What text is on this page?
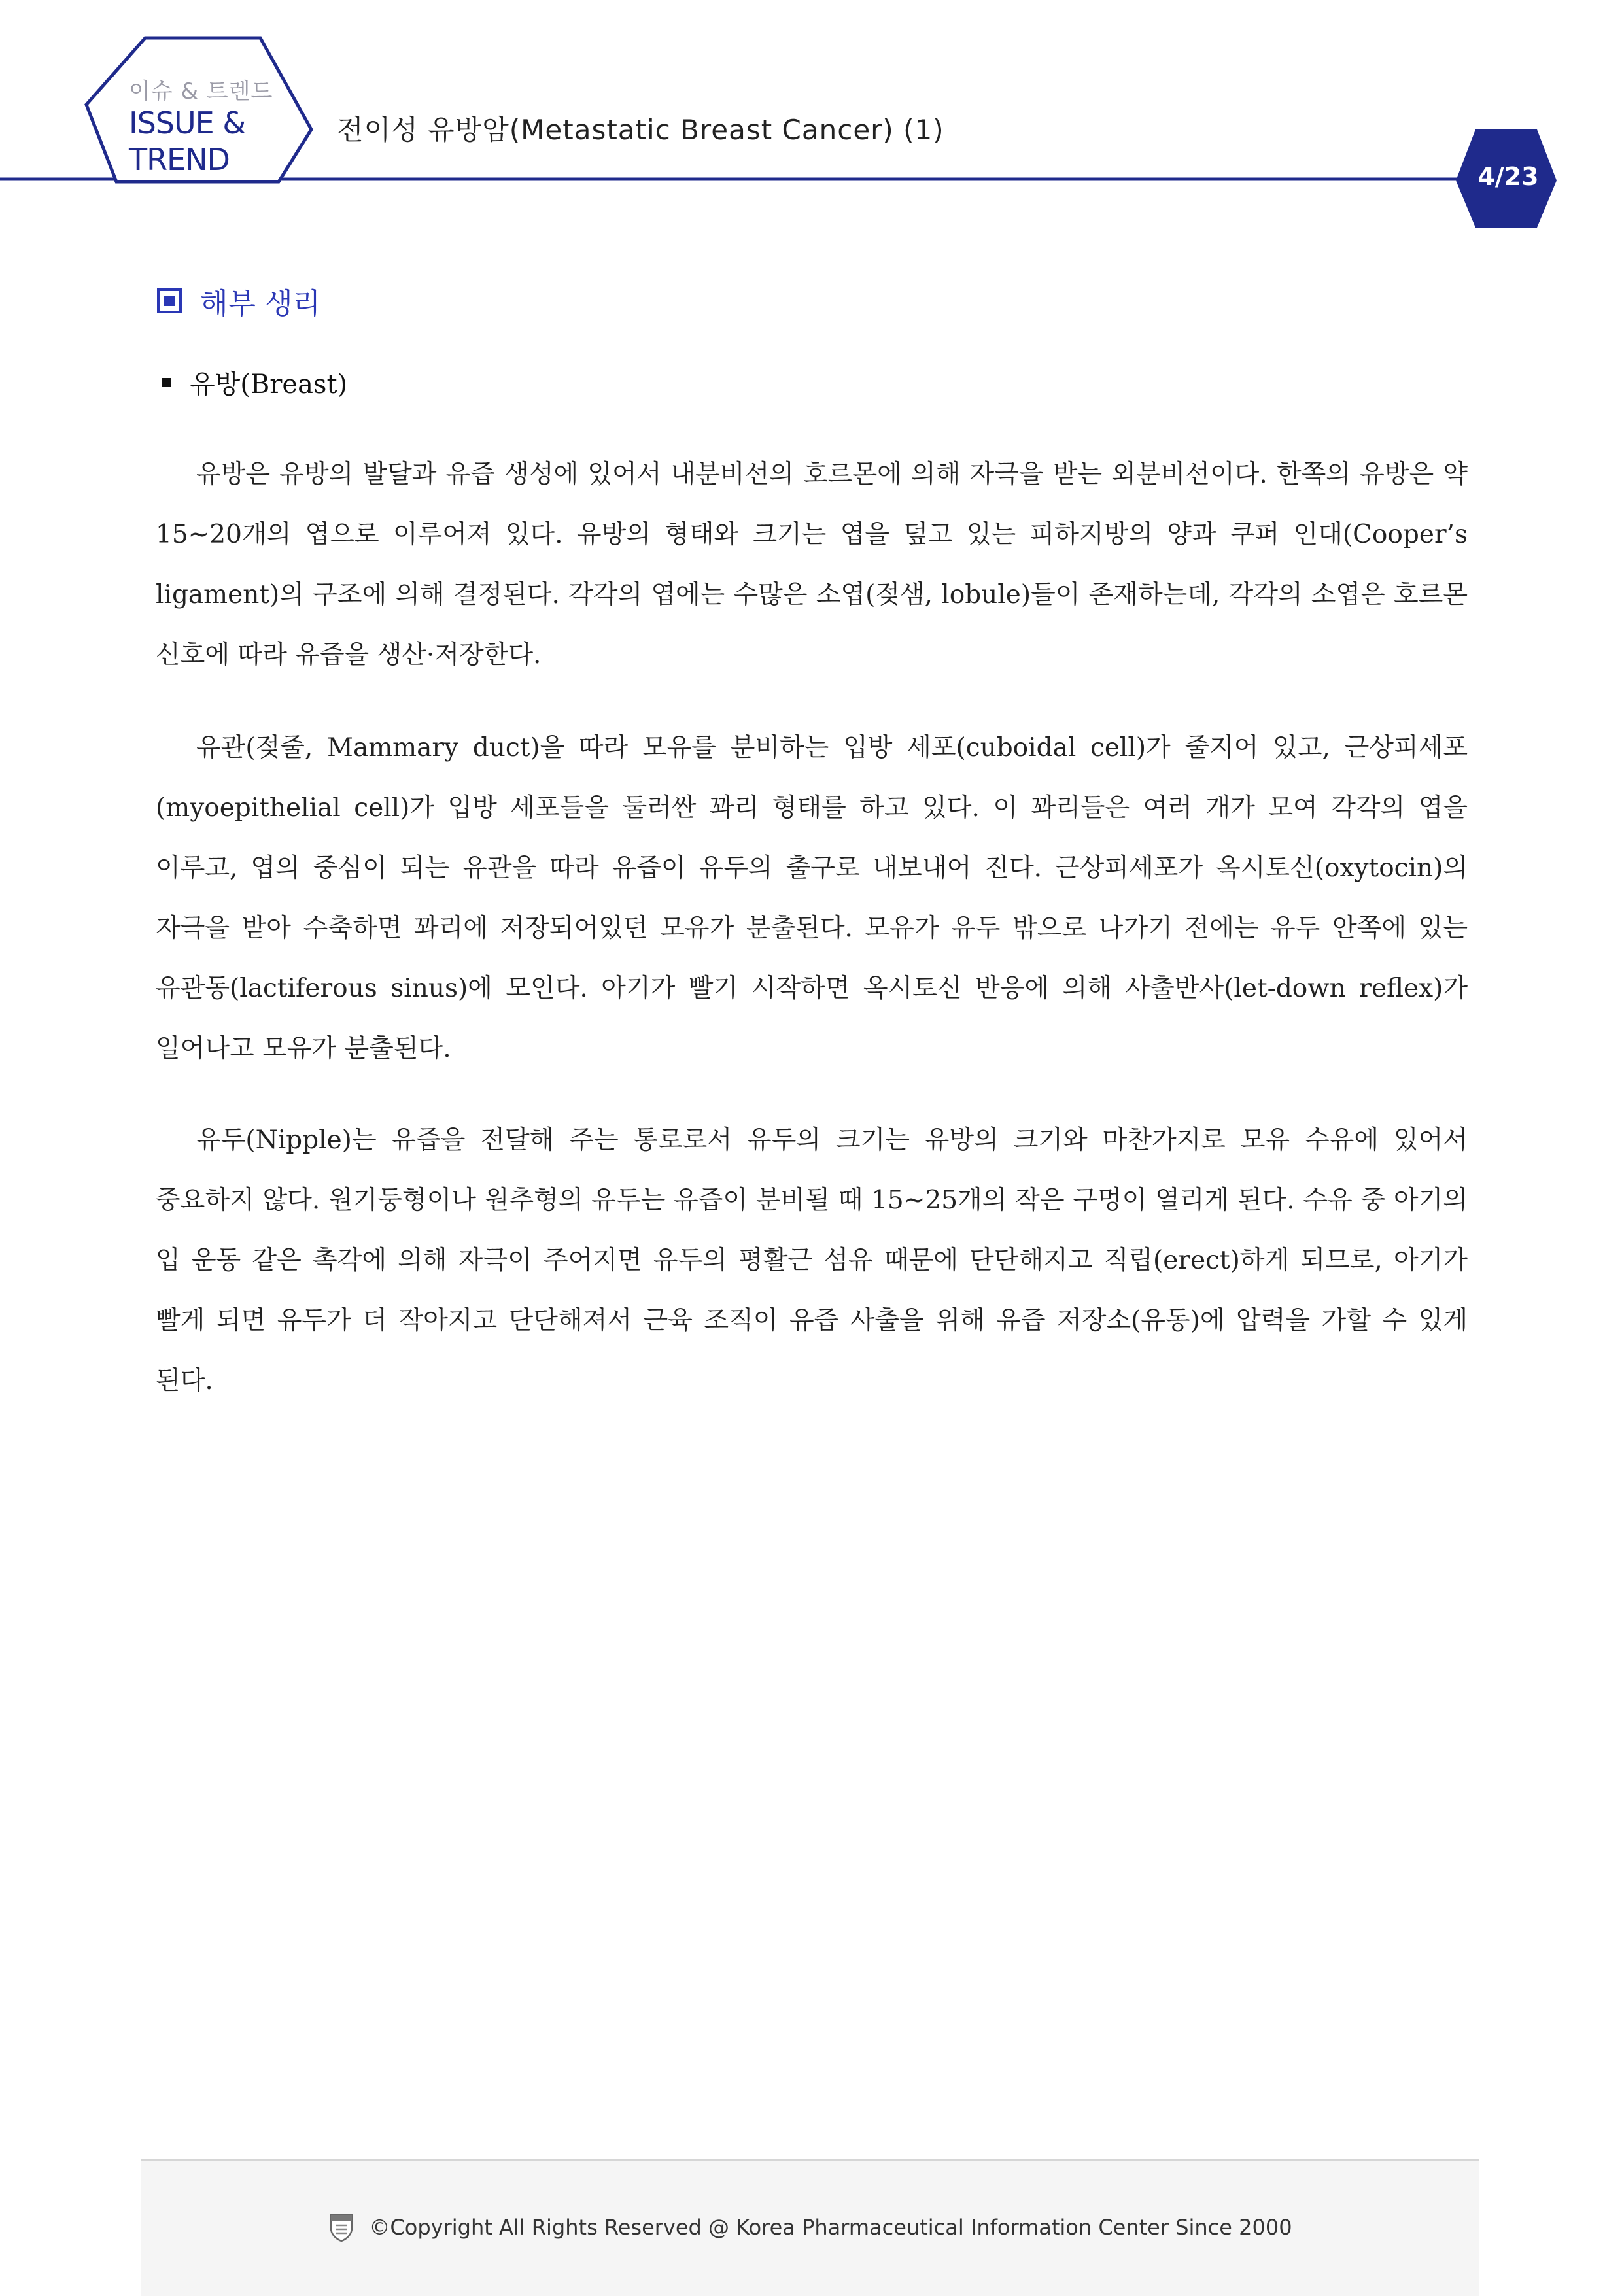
이슈 & 트렌드
ISSUE &
TREND
전이성 유방암(Metastatic Breast Cancer) (1)
4/23
해부 생리
유방(Breast)

유방은 유방의 발달과 유즙 생성에 있어서 내분비선의 호르몬에 의해 자극을 받는 외분비선이다. 한쪽의 유방은 약 15~20개의 엽으로 이루어져 있다. 유방의 형태와 크기는 엽을 덮고 있는 피하지방의 양과 쿠퍼 인대(Cooper’s ligament)의 구조에 의해 결정된다. 각각의 엽에는 수많은 소엽(젖샘, lobule)들이 존재하는데, 각각의 소엽은 호르몬 신호에 따라 유즙을 생산·저장한다.

유관(젖줄, Mammary duct)을 따라 모유를 분비하는 입방 세포(cuboidal cell)가 줄지어 있고, 근상피세포(myoepithelial cell)가 입방 세포들을 둘러싼 꽈리 형태를 하고 있다. 이 꽈리들은 여러 개가 모여 각각의 엽을 이루고, 엽의 중심이 되는 유관을 따라 유즙이 유두의 출구로 내보내어 진다. 근상피세포가 옥시토신(oxytocin)의 자극을 받아 수축하면 꽈리에 저장되어있던 모유가 분출된다. 모유가 유두 밖으로 나가기 전에는 유두 안쪽에 있는 유관동(lactiferous sinus)에 모인다. 아기가 빨기 시작하면 옥시토신 반응에 의해 사출반사(let-down reflex)가 일어나고 모유가 분출된다.

유두(Nipple)는 유즙을 전달해 주는 통로로서 유두의 크기는 유방의 크기와 마찬가지로 모유 수유에 있어서 중요하지 않다. 원기둥형이나 원추형의 유두는 유즙이 분비될 때 15~25개의 작은 구멍이 열리게 된다. 수유 중 아기의 입 운동 같은 촉각에 의해 자극이 주어지면 유두의 평활근 섬유 때문에 단단해지고 직립(erect)하게 되므로, 아기가 빨게 되면 유두가 더 작아지고 단단해져서 근육 조직이 유즙 사출을 위해 유즙 저장소(유동)에 압력을 가할 수 있게 된다.

©Copyright All Rights Reserved @ Korea Pharmaceutical Information Center Since 2000
